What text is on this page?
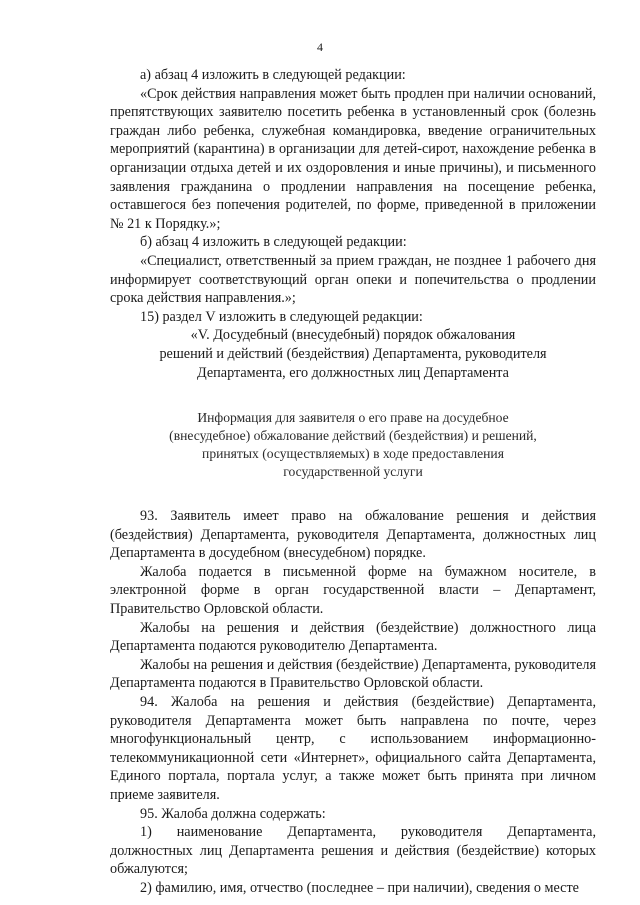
4

а) абзац 4 изложить в следующей редакции:

«Срок действия направления может быть продлен при наличии оснований, препятствующих заявителю посетить ребенка в установленный срок (болезнь граждан либо ребенка, служебная командировка, введение ограничительных мероприятий (карантина) в организации для детей-сирот, нахождение ребенка в организации отдыха детей и их оздоровления и иные причины), и письменного заявления гражданина о продлении направления на посещение ребенка, оставшегося без попечения родителей, по форме, приведенной в приложении № 21 к Порядку.»;

б) абзац 4 изложить в следующей редакции:

«Специалист, ответственный за прием граждан, не позднее 1 рабочего дня информирует соответствующий орган опеки и попечительства о продлении срока действия направления.»;

15) раздел V изложить в следующей редакции:

«V. Досудебный (внесудебный) порядок обжалования

решений и действий (бездействия) Департамента, руководителя

Департамента, его должностных лиц Департамента

Информация для заявителя о его праве на досудебное

(внесудебное) обжалование действий (бездействия) и решений,

принятых (осуществляемых) в ходе предоставления

государственной услуги

93. Заявитель имеет право на обжалование решения и действия (бездействия) Департамента, руководителя Департамента, должностных лиц Департамента в досудебном (внесудебном) порядке.

Жалоба подается в письменной форме на бумажном носителе, в электронной форме в орган государственной власти – Департамент, Правительство Орловской области.

Жалобы на решения и действия (бездействие) должностного лица Департамента подаются руководителю Департамента.

Жалобы на решения и действия (бездействие) Департамента, руководителя Департамента подаются в Правительство Орловской области.

94. Жалоба на решения и действия (бездействие) Департамента, руководителя Департамента может быть направлена по почте, через многофункциональный центр, с использованием информационно-телекоммуникационной сети «Интернет», официального сайта Департамента, Единого портала, портала услуг, а также может быть принята при личном приеме заявителя.

95. Жалоба должна содержать:

1) наименование Департамента, руководителя Департамента, должностных лиц Департамента решения и действия (бездействие) которых обжалуются;

2) фамилию, имя, отчество (последнее – при наличии), сведения о месте
